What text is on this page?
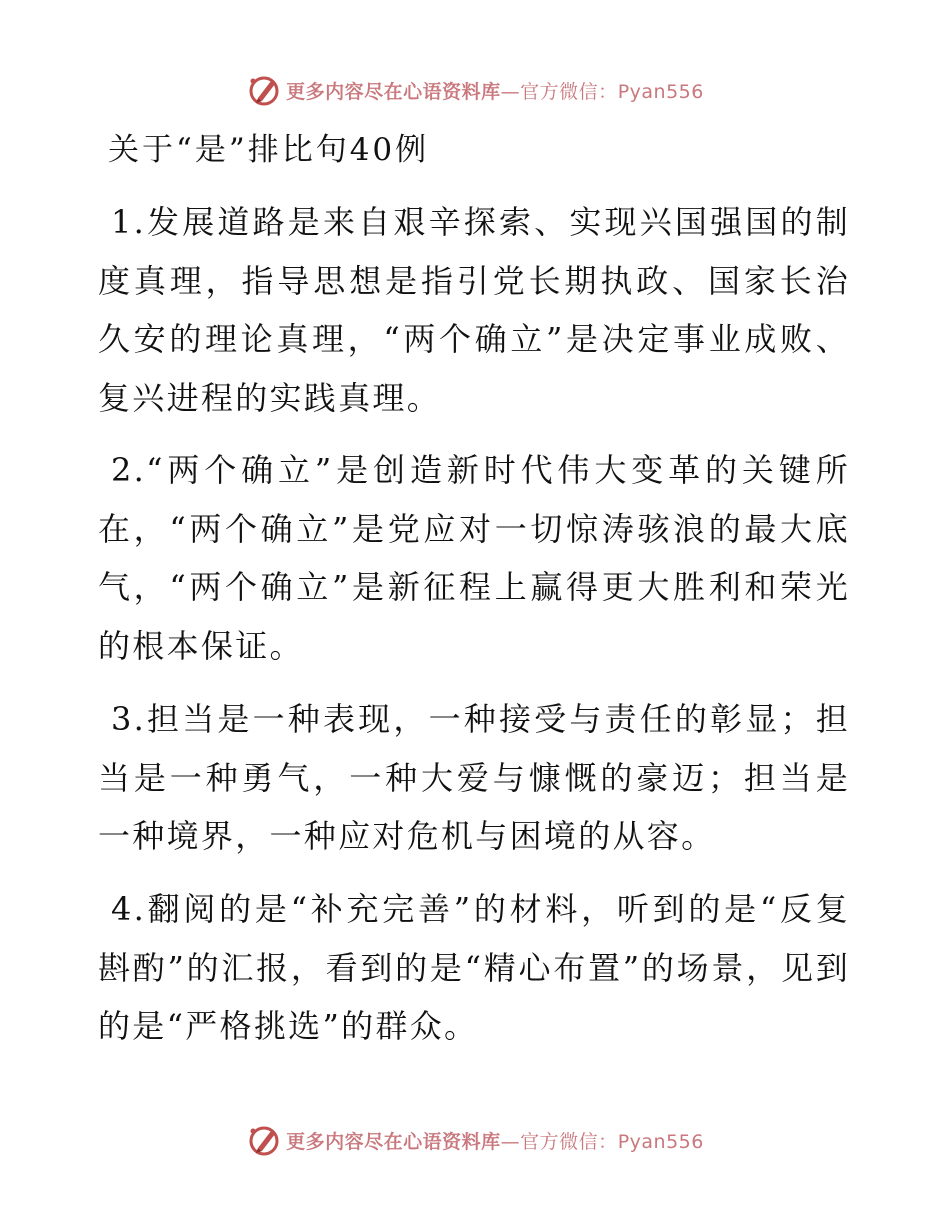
更多内容尽在心语资料库—官方微信：Pyan556
关于“是”排比句40例

1.发展道路是来自艰辛探索、实现兴国强国的制度真理，指导思想是指引党长期执政、国家长治久安的理论真理，“两个确立”是决定事业成败、复兴进程的实践真理。

2.“两个确立”是创造新时代伟大变革的关键所在，“两个确立”是党应对一切惊涛骇浪的最大底气，“两个确立”是新征程上赢得更大胜利和荣光的根本保证。

3.担当是一种表现，一种接受与责任的彰显；担当是一种勇气，一种大爱与慷慨的豪迈；担当是一种境界，一种应对危机与困境的从容。

4.翻阅的是“补充完善”的材料，听到的是“反复斟酌”的汇报，看到的是“精心布置”的场景，见到的是“严格挑选”的群众。

更多内容尽在心语资料库—官方微信：Pyan556
